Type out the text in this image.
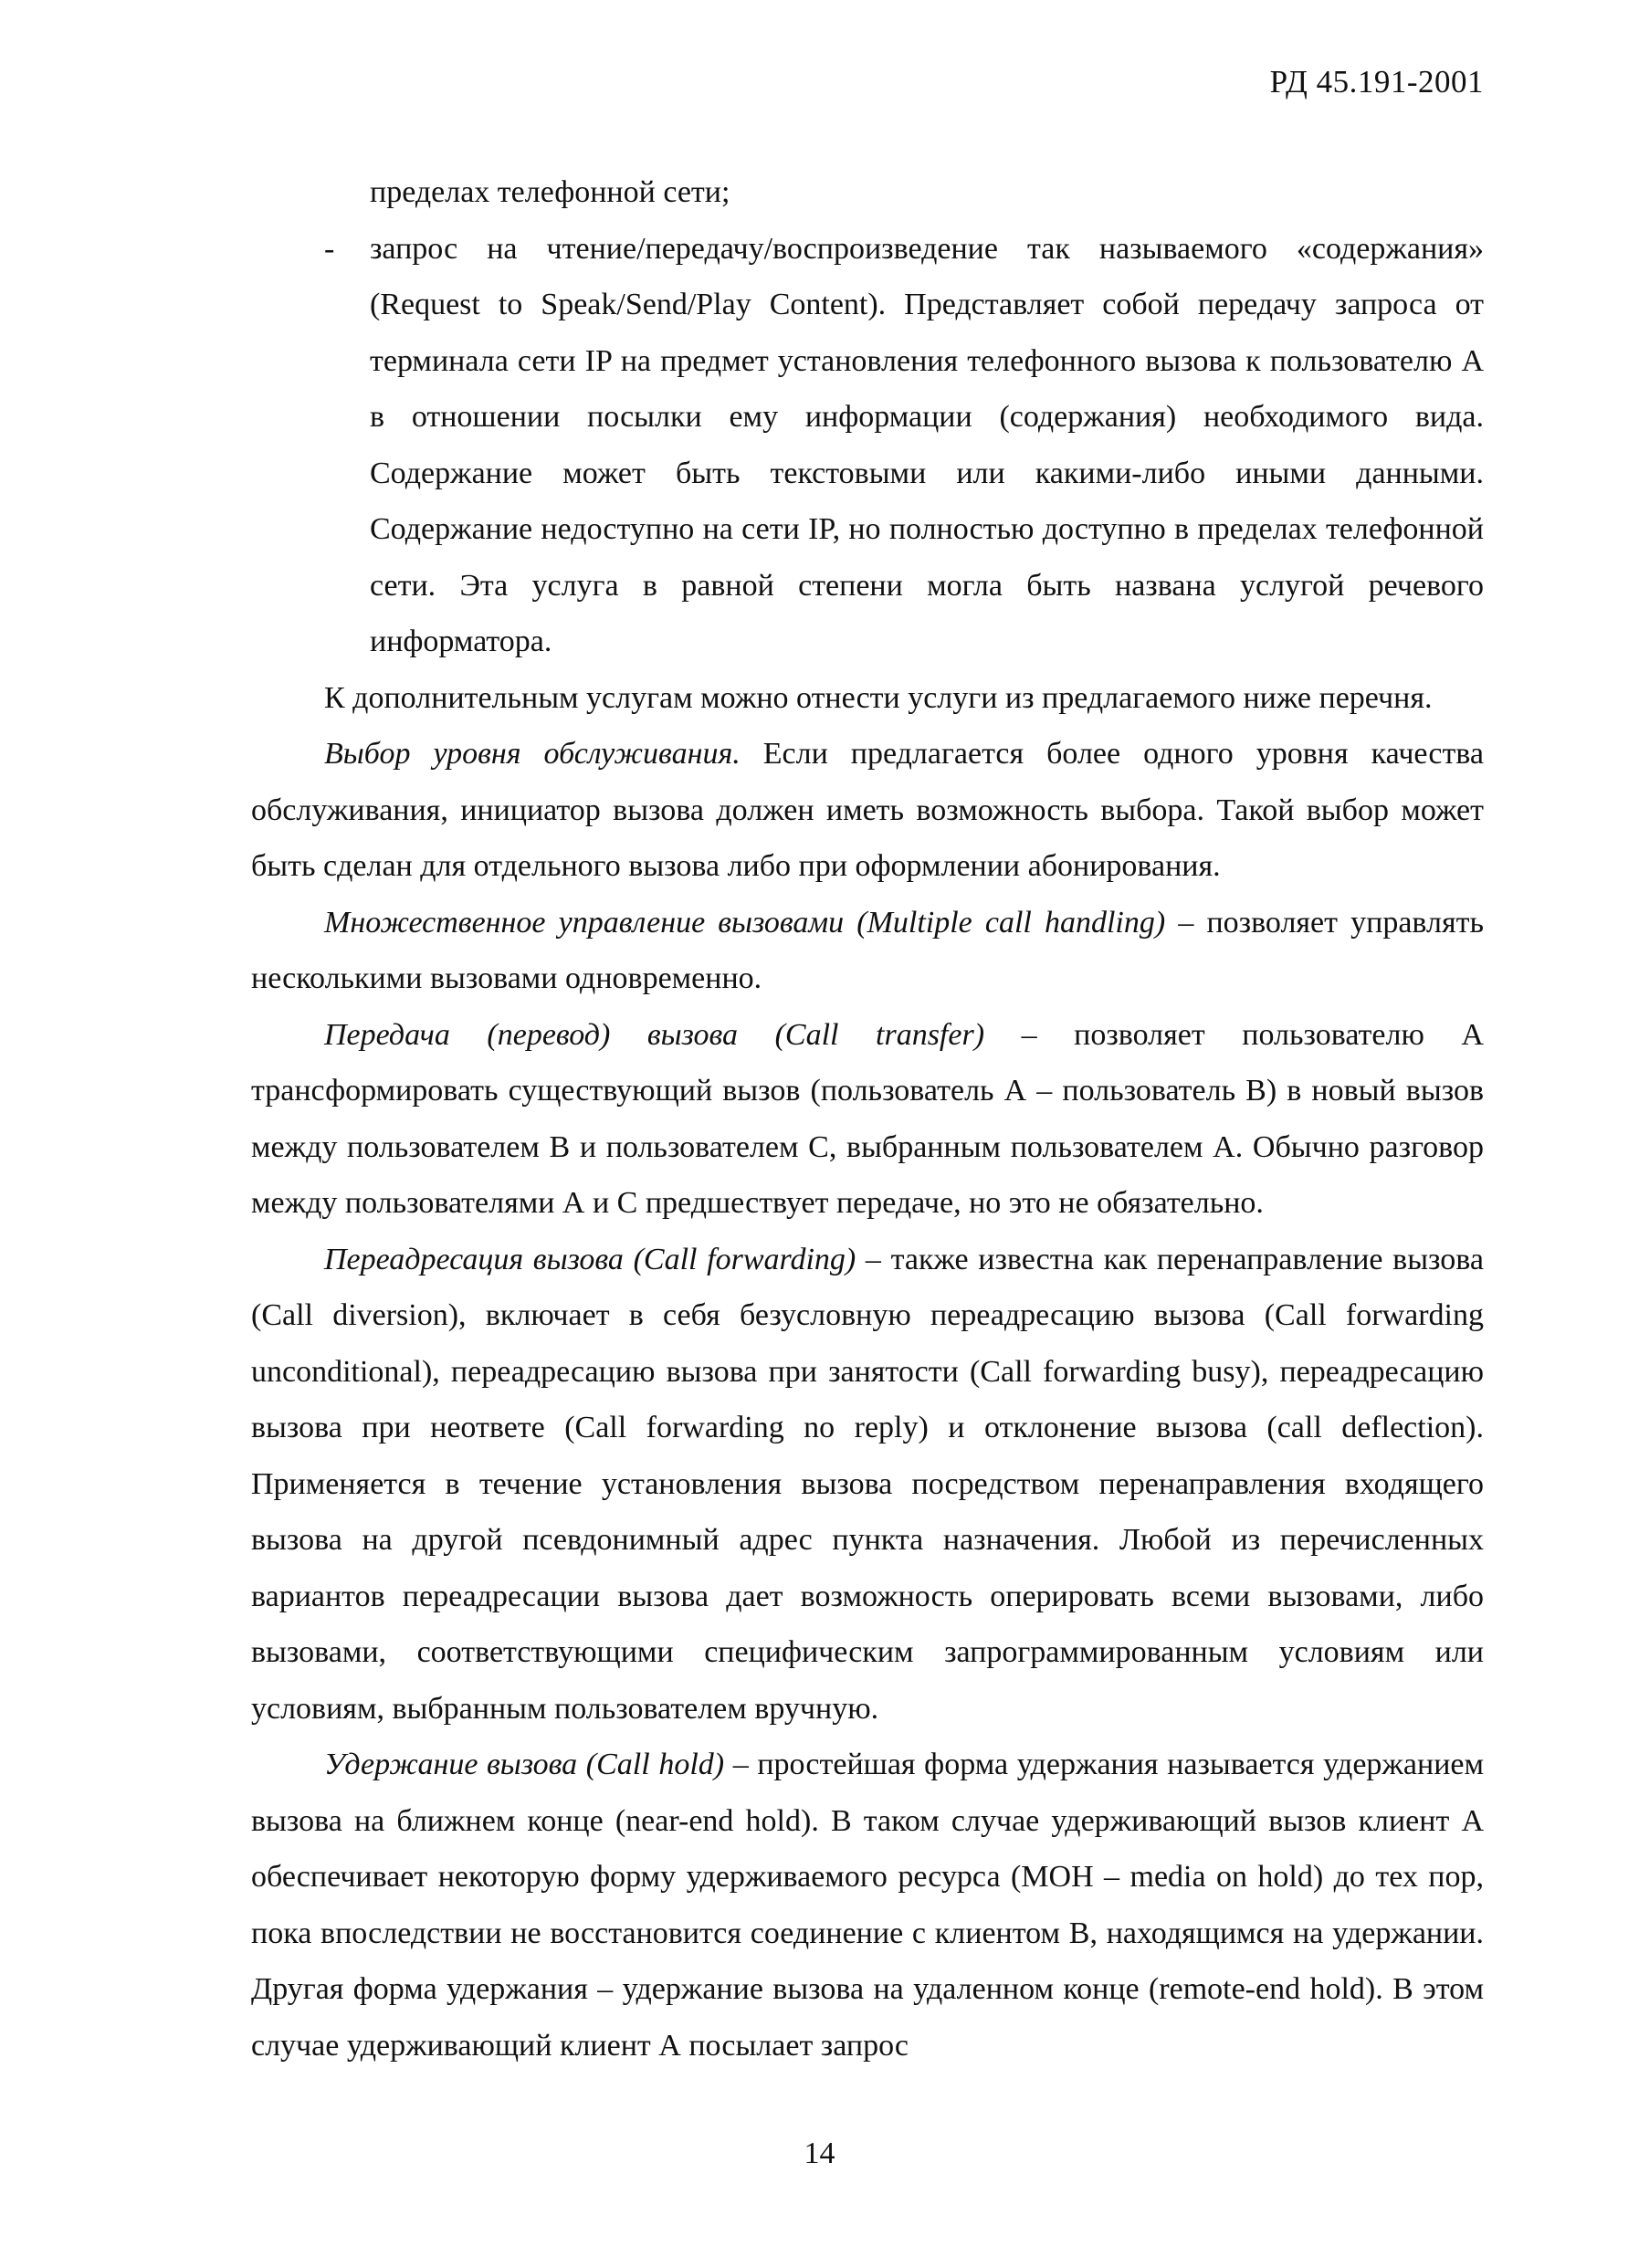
РД 45.191-2001

пределах телефонной сети;

- запрос на чтение/передачу/воспроизведение так называемого «содержания» (Request to Speak/Send/Play Content). Представляет собой передачу запроса от терминала сети IP на предмет установления телефонного вызова к пользователю А в отношении посылки ему информации (содержания) необходимого вида. Содержание может быть текстовыми или какими-либо иными данными. Содержание недоступно на сети IP, но полностью доступно в пределах телефонной сети. Эта услуга в равной степени могла быть названа услугой речевого информатора.

К дополнительным услугам можно отнести услуги из предлагаемого ниже перечня.

Выбор уровня обслуживания. Если предлагается более одного уровня качества обслуживания, инициатор вызова должен иметь возможность выбора. Такой выбор может быть сделан для отдельного вызова либо при оформлении абонирования.

Множественное управление вызовами (Multiple call handling) – позволяет управлять несколькими вызовами одновременно.

Передача (перевод) вызова (Call transfer) – позволяет пользователю А трансформировать существующий вызов (пользователь А – пользователь В) в новый вызов между пользователем В и пользователем С, выбранным пользователем А. Обычно разговор между пользователями А и С предшествует передаче, но это не обязательно.

Переадресация вызова (Call forwarding) – также известна как перенаправление вызова (Call diversion), включает в себя безусловную переадресацию вызова (Call forwarding unconditional), переадресацию вызова при занятости (Call forwarding busy), переадресацию вызова при неответе (Call forwarding no reply) и отклонение вызова (call deflection). Применяется в течение установления вызова посредством перенаправления входящего вызова на другой псевдонимный адрес пункта назначения. Любой из перечисленных вариантов переадресации вызова дает возможность оперировать всеми вызовами, либо вызовами, соответствующими специфическим запрограммированным условиям или условиям, выбранным пользователем вручную.

Удержание вызова (Call hold) – простейшая форма удержания называется удержанием вызова на ближнем конце (near-end hold). В таком случае удерживающий вызов клиент А обеспечивает некоторую форму удерживаемого ресурса (МОН – media on hold) до тех пор, пока впоследствии не восстановится соединение с клиентом В, находящимся на удержании. Другая форма удержания – удержание вызова на удаленном конце (remote-end hold). В этом случае удерживающий клиент А посылает запрос

14
